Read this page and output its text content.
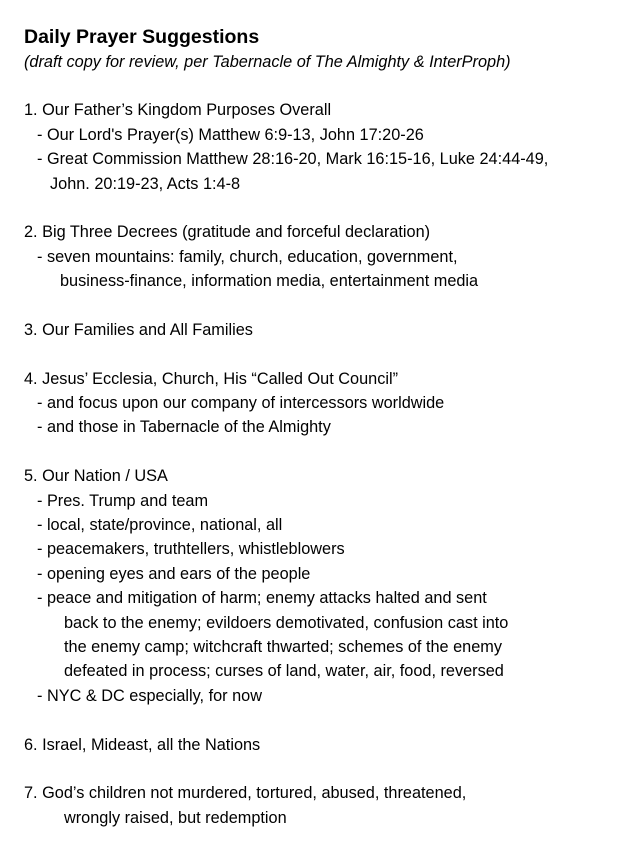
Daily Prayer Suggestions
(draft copy for review, per Tabernacle of The Almighty & InterProph)
1. Our Father’s Kingdom Purposes Overall
- Our Lord's Prayer(s) Matthew 6:9-13, John 17:20-26
- Great Commission Matthew 28:16-20, Mark 16:15-16, Luke 24:44-49,
John. 20:19-23, Acts 1:4-8
2. Big Three Decrees (gratitude and forceful declaration)
- seven mountains: family, church, education, government,
business-finance, information media, entertainment media
3. Our Families and All Families
4. Jesus’ Ecclesia, Church, His “Called Out Council”
- and focus upon our company of intercessors worldwide
- and those in Tabernacle of the Almighty
5. Our Nation / USA
- Pres. Trump and team
- local, state/province, national, all
- peacemakers, truthtellers, whistleblowers
- opening eyes and ears of the people
- peace and mitigation of harm; enemy attacks halted and sent
back to the enemy; evildoers demotivated, confusion cast into
the enemy camp; witchcraft thwarted; schemes of the enemy
defeated in process; curses of land, water, air, food, reversed
- NYC & DC especially, for now
6. Israel, Mideast, all the Nations
7. God’s children not murdered, tortured, abused, threatened,
wrongly raised, but redemption
